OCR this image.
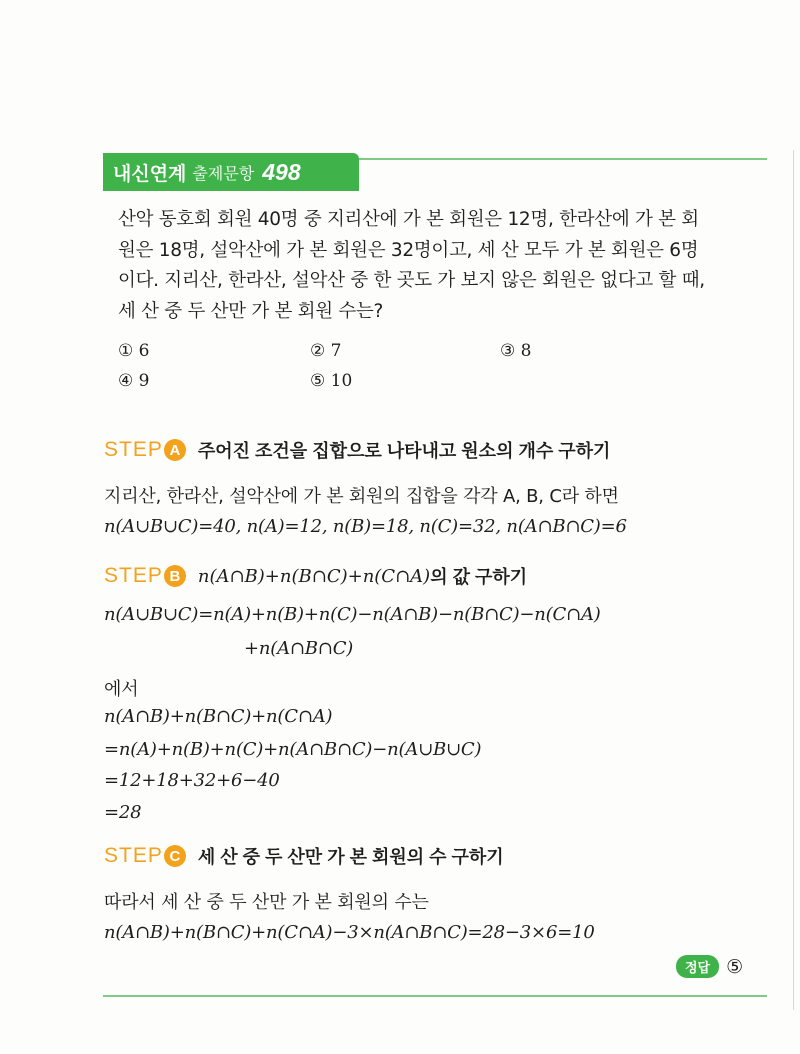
내신연계 출제문항 498
산악 동호회 회원 40명 중 지리산에 가 본 회원은 12명, 한라산에 가 본 회
원은 18명, 설악산에 가 본 회원은 32명이고, 세 산 모두 가 본 회원은 6명
이다. 지리산, 한라산, 설악산 중 한 곳도 가 보지 않은 회원은 없다고 할 때,
세 산 중 두 산만 가 본 회원 수는?
① 6	② 7	③ 8
④ 9	⑤ 10
STEP A 주어진 조건을 집합으로 나타내고 원소의 개수 구하기
지리산, 한라산, 설악산에 가 본 회원의 집합을 각각 A, B, C라 하면
n(A∪B∪C)=40, n(A)=12, n(B)=18, n(C)=32, n(A∩B∩C)=6
STEP B n(A∩B)+n(B∩C)+n(C∩A) 의 값 구하기
n(A∪B∪C)=n(A)+n(B)+n(C)−n(A∩B)−n(B∩C)−n(C∩A)
+n(A∩B∩C)
에서
n(A∩B)+n(B∩C)+n(C∩A)
=n(A)+n(B)+n(C)+n(A∩B∩C)−n(A∪B∪C)
=12+18+32+6−40
=28
STEP C 세 산 중 두 산만 가 본 회원의 수 구하기
따라서 세 산 중 두 산만 가 본 회원의 수는
n(A∩B)+n(B∩C)+n(C∩A)−3×n(A∩B∩C)=28−3×6=10
정답 ⑤
